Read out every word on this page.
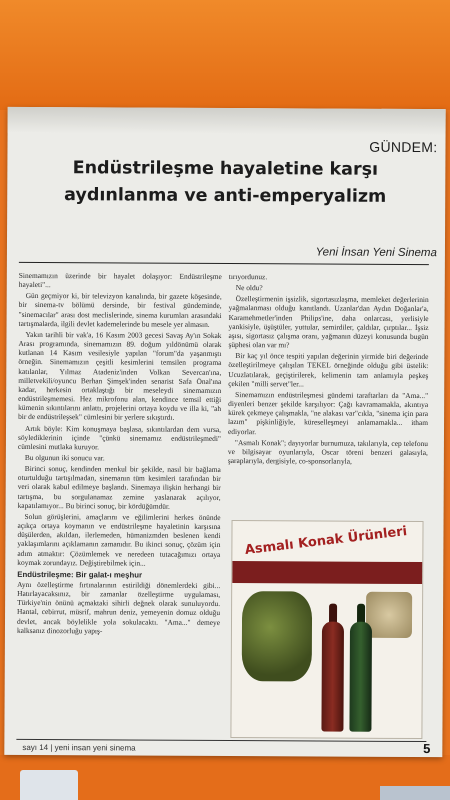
GÜNDEM:
Endüstrileşme hayaletine karşı
aydınlanma ve anti-emperyalizm
Yeni İnsan Yeni Sinema

Sinemamızın üzerinde bir hayalet dolaşıyor: Endüstrileşme hayaleti"...

Gün geçmiyor ki, bir televizyon kanalında, bir gazete köşesinde, bir sinema-tv bölümü dersinde, bir festival gündeminde, "sinemacılar" arası dost meclislerinde, sinema kurumları arasındaki tartışmalarda, ilgili devlet kademelerinde bu mesele yer almasın.

Yakın tarihli bir vak'a, 16 Kasım 2003 gecesi Savaş Ay'ın Sokak Arası programında, sinemamızın 89. doğum yıldönümü olarak kutlanan 14 Kasım vesilesiyle yapılan "forum"da yaşanmıştı örneğin. Sinemamızın çeşitli kesimlerini temsilen programa katılanlar, Yılmaz Atadeniz'inden Volkan Severcan'ına, milletvekili/oyuncu Berhan Şimşek'inden senarist Safa Önal'ına kadar, herkesin ortaklaştığı bir meseleydi sinemamızın endüstrileşmemesi. Hez mikrofonu alan, kendince temsil ettiği kümenin sıkıntılarını anlattı, projelerini ortaya koydu ve illa ki, "ah bir de endüstrileşsek" cümlesini bir yerlere sıkıştırdı.

Artık böyle: Kim konuşmaya başlasa, sıkıntılardan dem vursa, söylediklerinin içinde "çünkü sinemamız endüstrileşmedi" cümlesini mutlaka kuruyor.

Bu olgunun iki sonucu var.

Birinci sonuç, kendinden menkul bir şekilde, nasıl bir bağlama oturtulduğu tartışılmadan, sinemanın tüm kesimleri tarafından bir veri olarak kabul edilmeye başlandı. Sinemaya ilişkin herhangi bir tartışma, bu sorgulanamaz zemine yaslanarak açılıyor, kapatılamıyor... Bu birinci sonuç, bir kördüğümdür.

Solun görüşlerini, amaçlarını ve eğilimlerini herkes önünde açıkça ortaya koymanın ve endüstrileşme hayaletinin karşısına düşülerden, akıldan, ilerlemeden, hümanizmden beslenen kendi yaklaşımlarını açıklamanın zamanıdır. Bu ikinci sonuç, çözüm için adım atmaktır: Çözümlemek ve neredeen tutacağımızı ortaya koymak zorundayız. Değiştirebilmek için...

Endüstrileşme: Bir galat-ı meşhur

Aynı özelleştirme fırtınalarının estirildiği dönemlerdeki gibi... Hatırlayacaksınız, bir zamanlar özelleştirme uygulaması, Türkiye'nin önünü açmaktaki sihirli değnek olarak sunuluyordu. Hantal, cebirrut, müsrif, mahrun deniz, yemeyenin domuz olduğu devlet, ancak böylelikle yola sokulacaktı. "Ama..." demeye kalksanız dinozorluğu yapış-

tırıyordunuz.

Ne oldu?

Özelleştirmenin işsizlik, sigortasızlaşma, memleket değerlerinin yağmalanması olduğu kanıtlandı. Uzanlar'dan Aydın Doğanlar'a, Karamehmetler'inden Philips'ine, daha onlarcası, yerlisiyle yankisiyle, üşüştüler, yuttular, semirdiler, çaldılar, çırptılar... İşsiz aşısı, sigortasız çalışma oranı, yağmanın düzeyi konusunda bugün şüphesi olan var mı?

Bir kaç yıl önce tespiti yapılan değerinin yirmide biri değerinde özelleştirilmeye çalışılan TEKEL örneğinde olduğu gibi üstelik: Ucuzlatılarak, geçiştirilerek, kelimenin tam anlamıyla peşkeş çekilen "milli servet"ler...

Sinemamızın endüstrileşmesi gündemi taraftarları da "Ama..." diyenleri benzer şekilde karşılıyor: Çağı kavramamakla, akıntıya kürek çekmeye çalışmakla, "ne alakası var"cıkla, "sinema için para lazım" pişkinliğiyle, küreselleşmeyi anlamamakla... itham ediyorlar.

"Asmalı Konak"; dayıyorlar burnumuza, takılarıyla, cep telefonu ve bilgisayar oyunlarıyla, Oscar töreni benzeri galasıyla, şaraplarıyla, dergisiyle, co-sponsorlarıyla,

Asmalı Konak Ürünleri
sayı 14 | yeni insan yeni sinema	5
